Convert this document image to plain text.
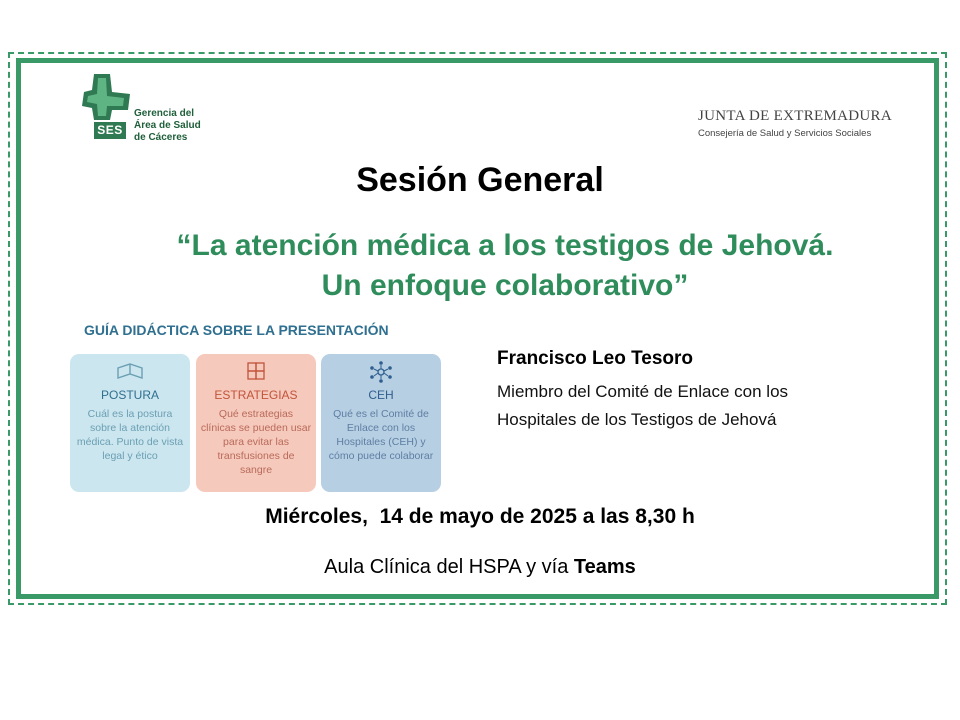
SES
Gerencia del
Área de Salud
de Cáceres
JUNTA DE EXTREMADURA
Consejería de Salud y Servicios Sociales
Sesión General
“La atención médica a los testigos de Jehová.
Un enfoque colaborativo”
GUÍA DIDÁCTICA SOBRE LA PRESENTACIÓN
POSTURA
Cuál es la postura sobre la atención médica. Punto de vista legal y ético
ESTRATEGIAS
Qué estrategias clínicas se pueden usar para evitar las transfusiones de sangre
CEH
Qué es el Comité de Enlace con los Hospitales (CEH) y cómo puede colaborar
Francisco Leo Tesoro
Miembro del Comité de Enlace con los
Hospitales de los Testigos de Jehová
Miércoles,  14 de mayo de 2025 a las 8,30 h
Aula Clínica del HSPA y vía Teams
